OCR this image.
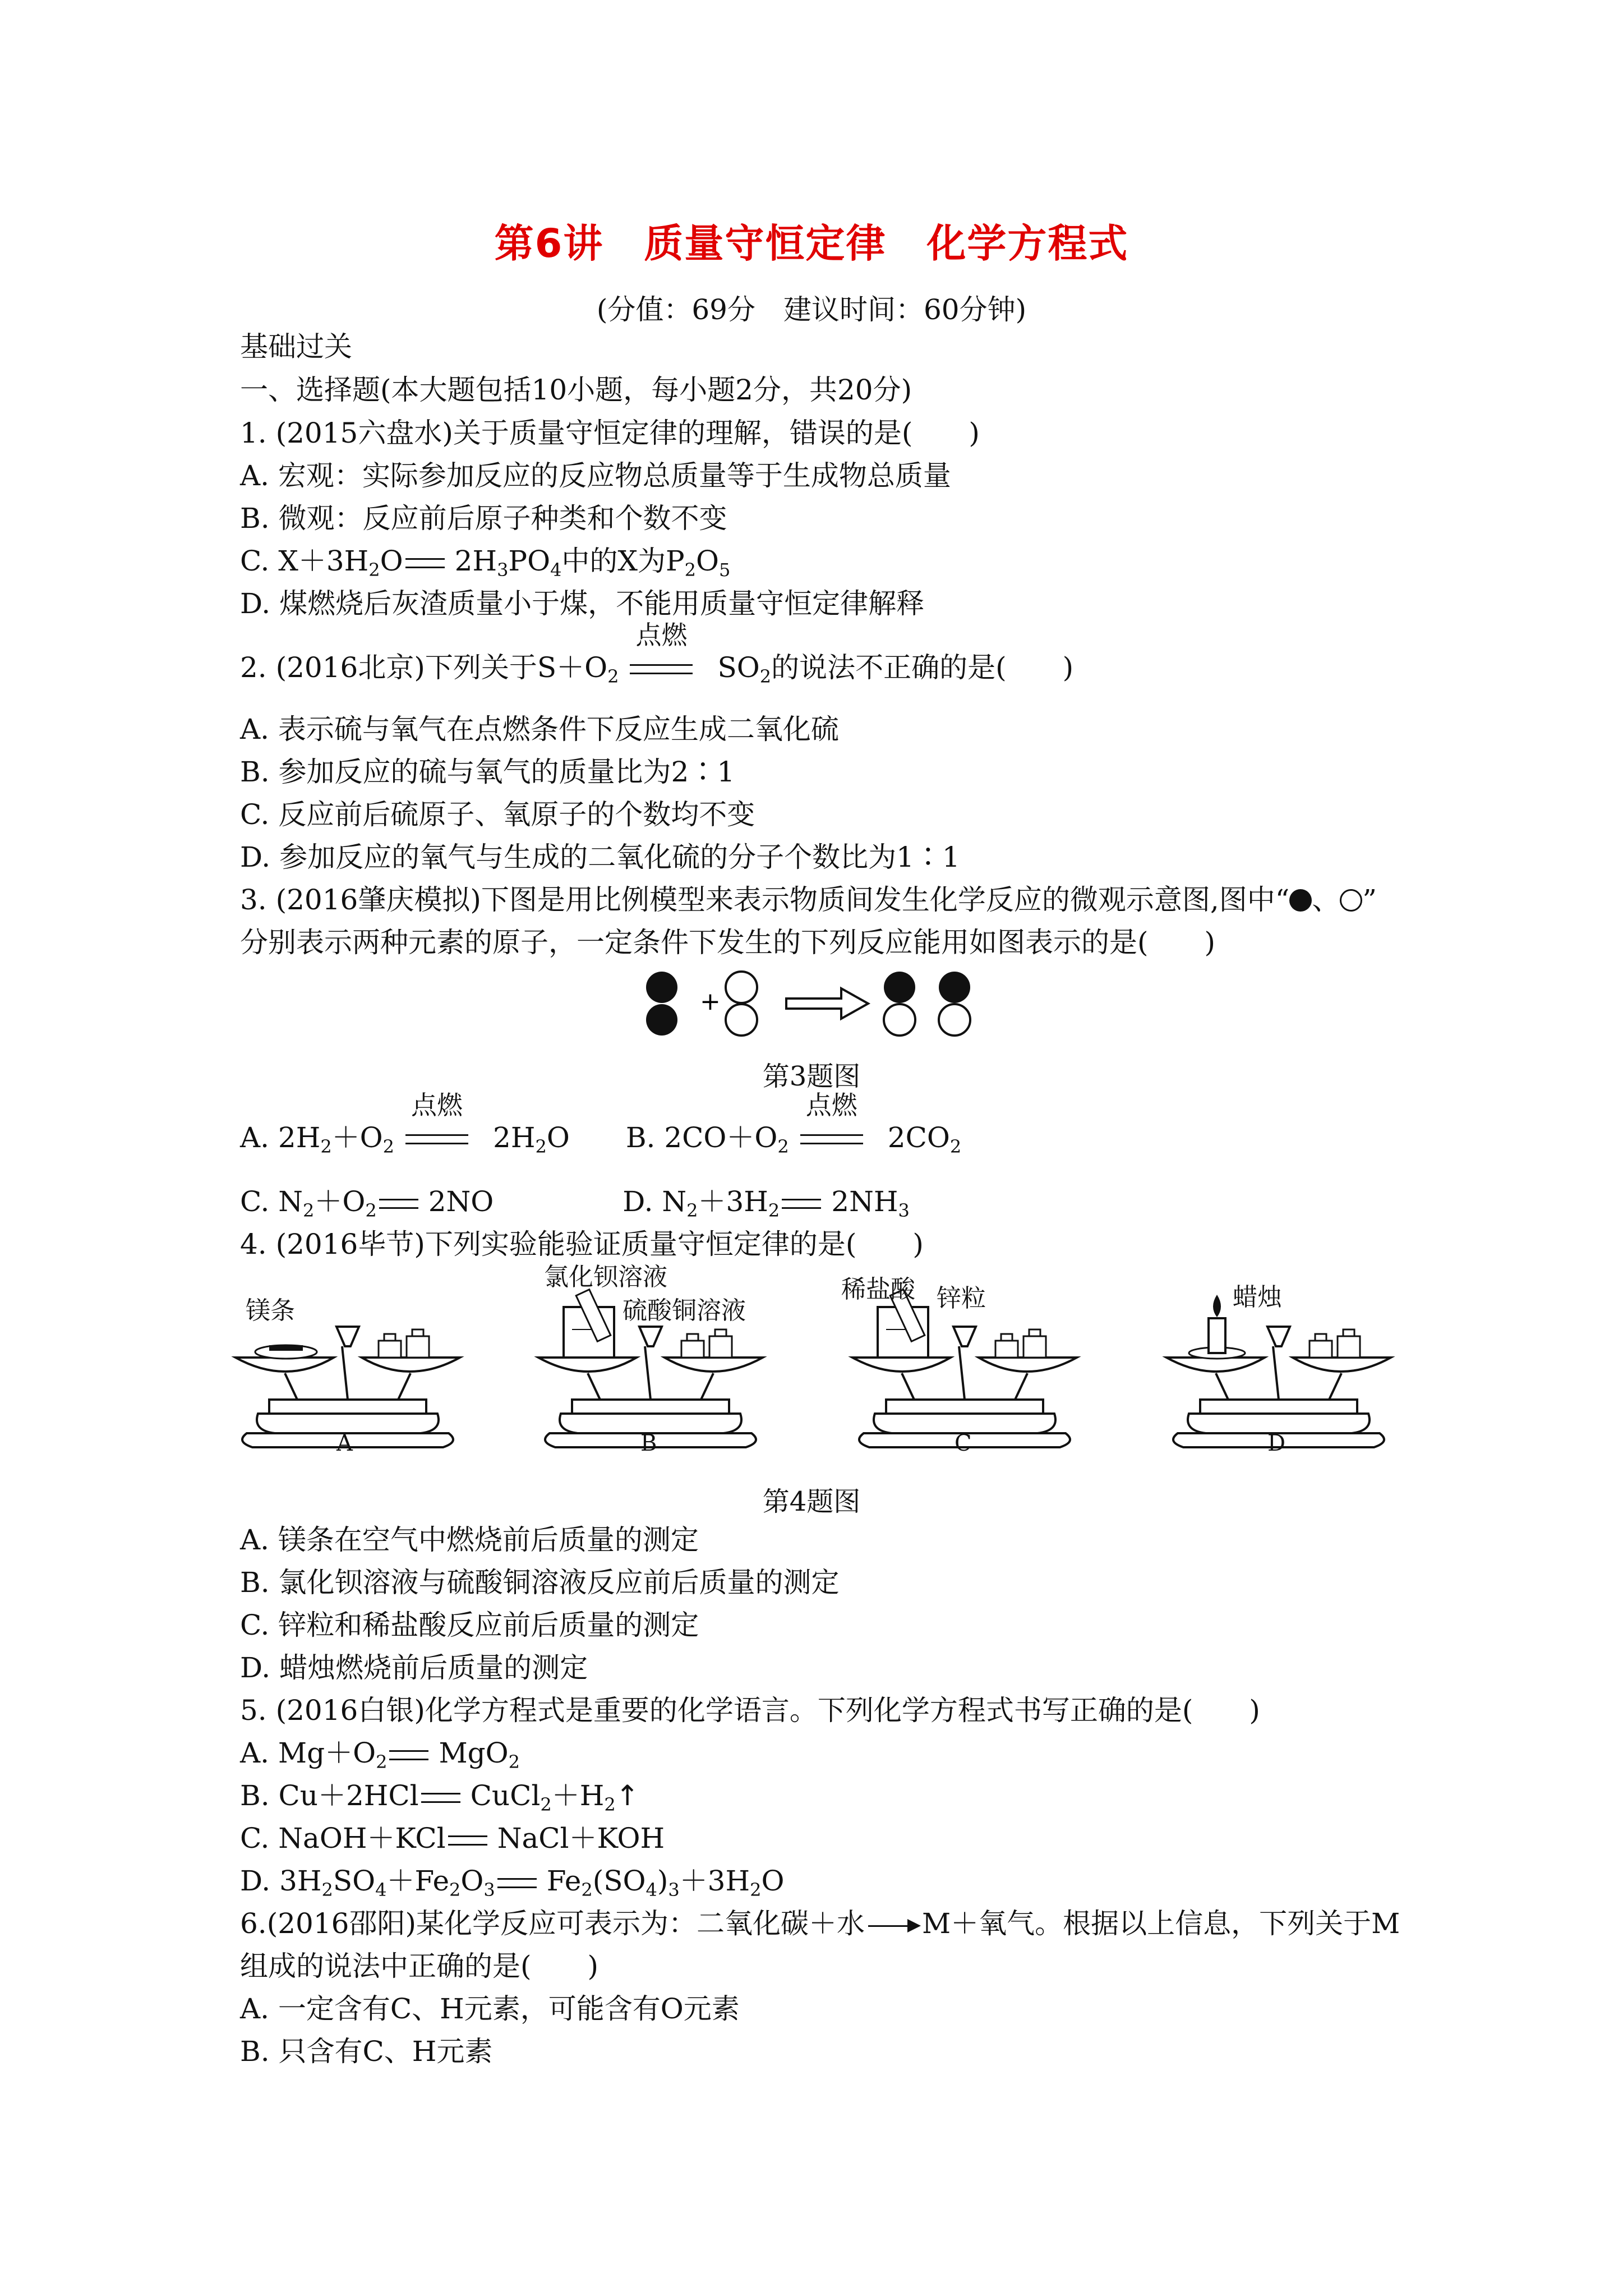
第6讲　质量守恒定律　化学方程式
(分值：69分　建议时间：60分钟)
基础过关
一、选择题(本大题包括10小题，每小题2分，共20分)
1. (2015六盘水)关于质量守恒定律的理解，错误的是(　　)
A. 宏观：实际参加反应的反应物总质量等于生成物总质量
B. 微观：反应前后原子种类和个数不变
C. $X+3H_2O$ $2H_3PO_4$中的X为$P_2O_5$
D. 煤燃烧后灰渣质量小于煤，不能用质量守恒定律解释
2. (2016北京)下列关于$S+O_2$
点燃
$SO_2$的说法不正确的是(　　)
A. 表示硫与氧气在点燃条件下反应生成二氧化硫
B. 参加反应的硫与氧气的质量比为2∶1
C. 反应前后硫原子、氧原子的个数均不变
D. 参加反应的氧气与生成的二氧化硫的分子个数比为1∶1
3. (2016肇庆模拟)下图是用比例模型来表示物质间发生化学反应的微观示意图,图中“ 、 ”
分别表示两种元素的原子，一定条件下发生的下列反应能用如图表示的是(　　)
+
第3题图
A. $2H_2+O_2$
点燃
$2H_2O$ B. $2CO+O_2$
点燃
$2CO_2$
C. $N_2+O_2$ 2NO	D. $N_2+3H_2$ $2NH_3$
4. (2016毕节)下列实验能验证质量守恒定律的是(　　)
镁条
氯化钡溶液
硫酸铜溶液
稀盐酸 锌粒	蜡烛
A	B	C	D
第4题图
A. 镁条在空气中燃烧前后质量的测定
B. 氯化钡溶液与硫酸铜溶液反应前后质量的测定
C. 锌粒和稀盐酸反应前后质量的测定
D. 蜡烛燃烧前后质量的测定
5. (2016白银)化学方程式是重要的化学语言。下列化学方程式书写正确的是(　　)
A. $Mg+O_2$ MgO$_2$
B. Cu＋2HCl $CuCl_2+H_2↑$
C. NaOH＋KCl NaCl＋KOH
D. $3H_2SO_4+Fe_2O_3$ $Fe_2(SO_4)_3+3H_2O$
6.(2016邵阳)某化学反应可表示为：二氧化碳＋水 → M＋氧气。根据以上信息，下列关于M
组成的说法中正确的是(　　)
A. 一定含有C、H元素，可能含有O元素
B. 只含有C、H元素
